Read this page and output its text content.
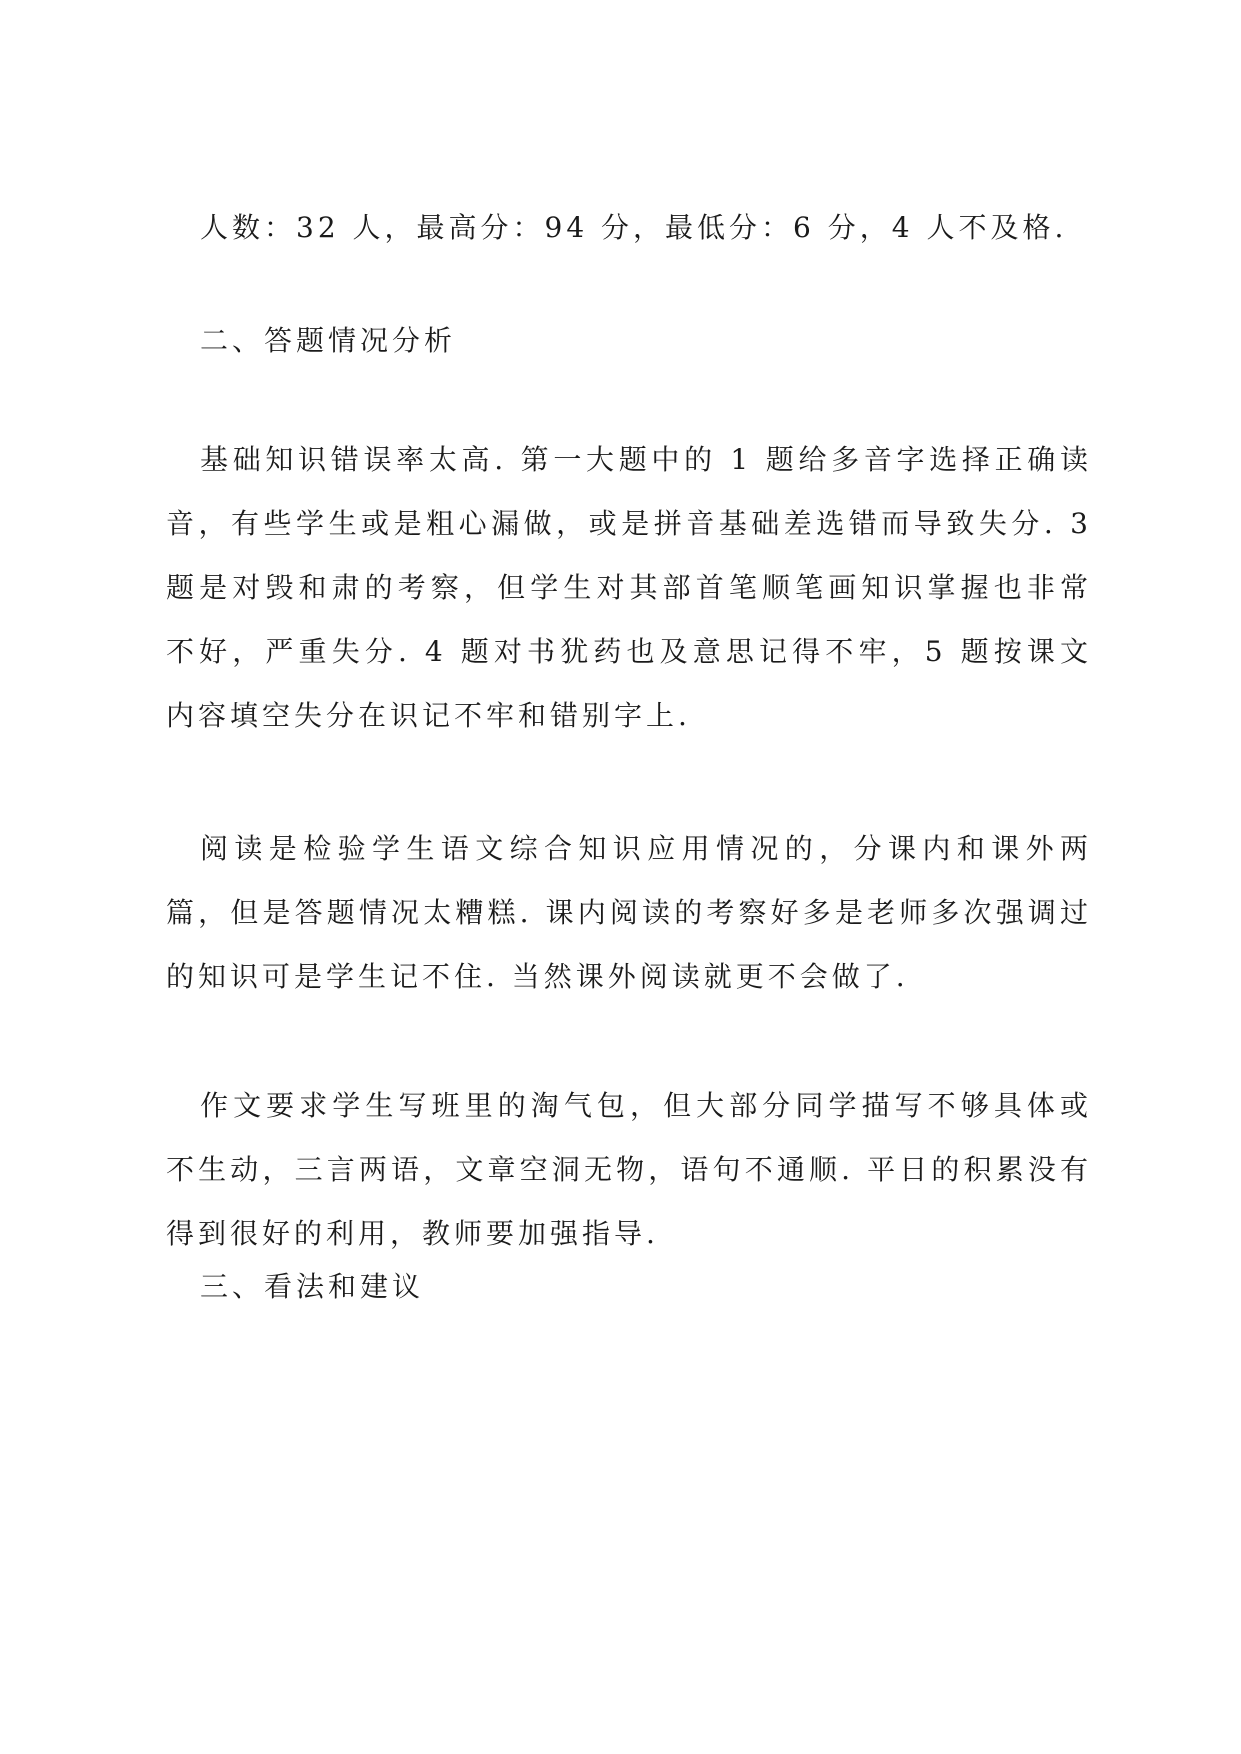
人数：32 人，最高分：94 分，最低分：6 分，4 人不及格.

二、答题情况分析

基础知识错误率太高. 第一大题中的 1 题给多音字选择正确读音，有些学生或是粗心漏做，或是拼音基础差选错而导致失分. 3 题是对毁和肃的考察，但学生对其部首笔顺笔画知识掌握也非常不好，严重失分. 4 题对书犹药也及意思记得不牢，5 题按课文内容填空失分在识记不牢和错别字上.

阅读是检验学生语文综合知识应用情况的，分课内和课外两篇，但是答题情况太糟糕. 课内阅读的考察好多是老师多次强调过的知识可是学生记不住. 当然课外阅读就更不会做了.

作文要求学生写班里的淘气包，但大部分同学描写不够具体或不生动，三言两语，文章空洞无物，语句不通顺. 平日的积累没有得到很好的利用，教师要加强指导.

三、看法和建议
